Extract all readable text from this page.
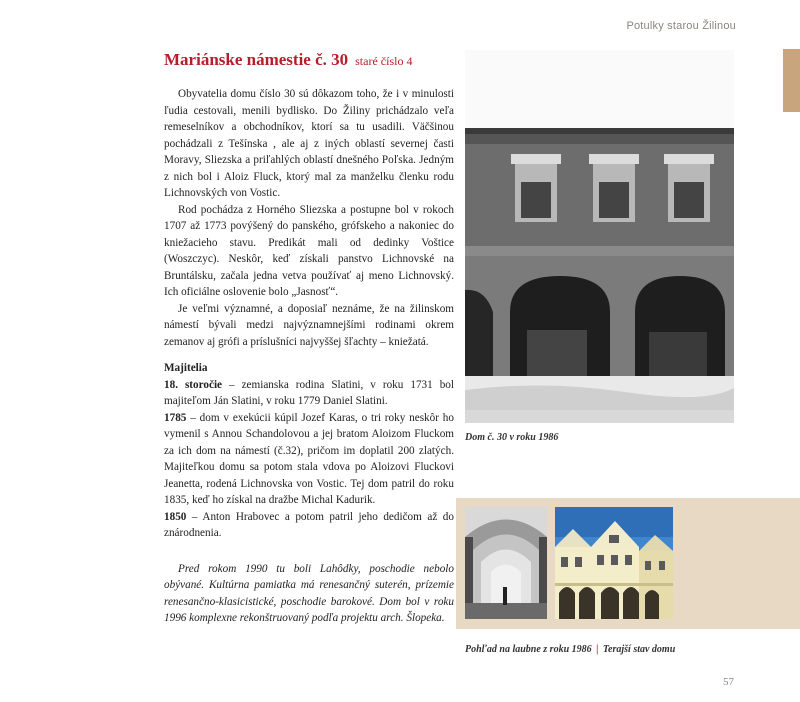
Potulky starou Žilinou
Mariánske námestie č. 30 staré číslo 4

Obyvatelia domu číslo 30 sú dôkazom toho, že i v minulosti ľudia cestovali, menili bydlisko. Do Žiliny prichádzalo veľa remeselníkov a obchodníkov, ktorí sa tu usadili. Väčšinou pochádzali z Tešínska , ale aj z iných oblastí severnej časti Moravy, Sliezska a priľahlých oblastí dnešného Poľska. Jedným z nich bol i Aloiz Fluck, ktorý mal za manželku členku rodu Lichnovských von Vostic.

Rod pochádza z Horného Sliezska a postupne bol v rokoch 1707 až 1773 povýšený do panského, grófskeho a nakoniec do kniežacieho stavu. Predikát mali od dedinky Voštice (Woszczyc). Neskôr, keď získali panstvo Lichnovské na Bruntálsku, začala jedna vetva používať aj meno Lichnovský. Ich oficiálne oslovenie bolo „Jasnosť“.

Je veľmi významné, a doposiaľ neznáme, že na žilinskom námestí bývali medzi najvýznamnejšími rodinami okrem zemanov aj grófi a príslušníci najvyššej šľachty – kniežatá.

Majitelia
18. storočie – zemianska rodina Slatini, v roku 1731 bol majiteľom Ján Slatini, v roku 1779 Daniel Slatini.
1785 – dom v exekúcii kúpil Jozef Karas, o tri roky neskôr ho vymenil s Annou Schandolovou a jej bratom Aloizom Fluckom za ich dom na námestí (č.32), pričom im doplatil 200 zlatých. Majiteľkou domu sa potom stala vdova po Aloizovi Fluckovi Jeanetta, rodená Lichnovska von Vostic. Tej dom patril do roku 1835, keď ho získal na dražbe Michal Kadurik.
1850 – Anton Hrabovec a potom patril jeho dedičom až do znárodnenia.

Pred rokom 1990 tu boli Lahôdky, poschodie nebolo obývané. Kultúrna pamiatka má renesančný suterén, prízemie renesančno-klasicistické, poschodie barokové. Dom bol v roku 1996 komplexne rekonštruovaný podľa projektu arch. Šlopeka.

Dom č. 30 v roku 1986
Pohľad na laubne z roku 1986 | Terajší stav domu
57
